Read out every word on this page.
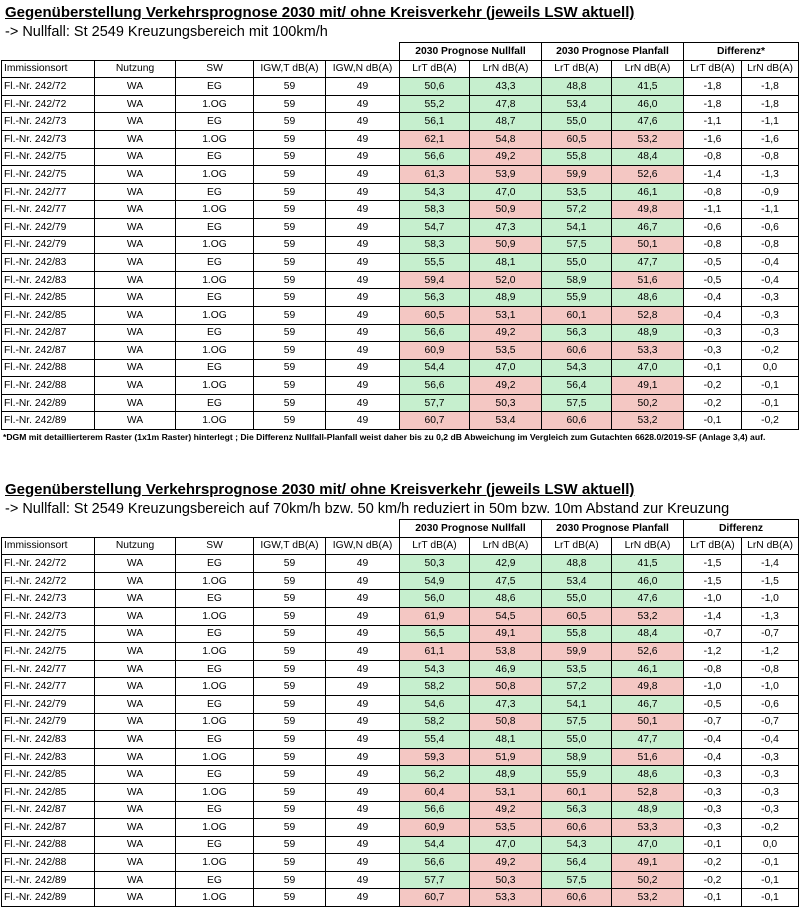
Gegenüberstellung Verkehrsprognose 2030 mit/ ohne Kreisverkehr (jeweils LSW aktuell)
-> Nullfall: St 2549 Kreuzungsbereich mit 100km/h
					2030 Prognose Nullfall		2030 Prognose Planfall		Differenz*	
Immissionsort	Nutzung	SW	IGW,T dB(A)	IGW,N dB(A)	LrT dB(A)	LrN dB(A)	LrT dB(A)	LrN dB(A)	LrT dB(A)	LrN dB(A)
Fl.-Nr. 242/72	WA	EG	59	49	50,6	43,3	48,8	41,5	-1,8	-1,8
Fl.-Nr. 242/72	WA	1.OG	59	49	55,2	47,8	53,4	46,0	-1,8	-1,8
Fl.-Nr. 242/73	WA	EG	59	49	56,1	48,7	55,0	47,6	-1,1	-1,1
Fl.-Nr. 242/73	WA	1.OG	59	49	62,1	54,8	60,5	53,2	-1,6	-1,6
Fl.-Nr. 242/75	WA	EG	59	49	56,6	49,2	55,8	48,4	-0,8	-0,8
Fl.-Nr. 242/75	WA	1.OG	59	49	61,3	53,9	59,9	52,6	-1,4	-1,3
Fl.-Nr. 242/77	WA	EG	59	49	54,3	47,0	53,5	46,1	-0,8	-0,9
Fl.-Nr. 242/77	WA	1.OG	59	49	58,3	50,9	57,2	49,8	-1,1	-1,1
Fl.-Nr. 242/79	WA	EG	59	49	54,7	47,3	54,1	46,7	-0,6	-0,6
Fl.-Nr. 242/79	WA	1.OG	59	49	58,3	50,9	57,5	50,1	-0,8	-0,8
Fl.-Nr. 242/83	WA	EG	59	49	55,5	48,1	55,0	47,7	-0,5	-0,4
Fl.-Nr. 242/83	WA	1.OG	59	49	59,4	52,0	58,9	51,6	-0,5	-0,4
Fl.-Nr. 242/85	WA	EG	59	49	56,3	48,9	55,9	48,6	-0,4	-0,3
Fl.-Nr. 242/85	WA	1.OG	59	49	60,5	53,1	60,1	52,8	-0,4	-0,3
Fl.-Nr. 242/87	WA	EG	59	49	56,6	49,2	56,3	48,9	-0,3	-0,3
Fl.-Nr. 242/87	WA	1.OG	59	49	60,9	53,5	60,6	53,3	-0,3	-0,2
Fl.-Nr. 242/88	WA	EG	59	49	54,4	47,0	54,3	47,0	-0,1	0,0
Fl.-Nr. 242/88	WA	1.OG	59	49	56,6	49,2	56,4	49,1	-0,2	-0,1
Fl.-Nr. 242/89	WA	EG	59	49	57,7	50,3	57,5	50,2	-0,2	-0,1
Fl.-Nr. 242/89	WA	1.OG	59	49	60,7	53,4	60,6	53,2	-0,1	-0,2
*DGM mit detaillierterem Raster (1x1m Raster) hinterlegt ; Die Differenz Nullfall-Planfall weist daher bis zu 0,2 dB Abweichung im Vergleich zum Gutachten 6628.0/2019-SF (Anlage 3,4) auf.
Gegenüberstellung Verkehrsprognose 2030 mit/ ohne Kreisverkehr (jeweils LSW aktuell)
-> Nullfall: St 2549 Kreuzungsbereich auf 70km/h bzw. 50 km/h reduziert in 50m bzw. 10m Abstand zur Kreuzung
					2030 Prognose Nullfall		2030 Prognose Planfall		Differenz	
Immissionsort	Nutzung	SW	IGW,T dB(A)	IGW,N dB(A)	LrT dB(A)	LrN dB(A)	LrT dB(A)	LrN dB(A)	LrT dB(A)	LrN dB(A)
Fl.-Nr. 242/72	WA	EG	59	49	50,3	42,9	48,8	41,5	-1,5	-1,4
Fl.-Nr. 242/72	WA	1.OG	59	49	54,9	47,5	53,4	46,0	-1,5	-1,5
Fl.-Nr. 242/73	WA	EG	59	49	56,0	48,6	55,0	47,6	-1,0	-1,0
Fl.-Nr. 242/73	WA	1.OG	59	49	61,9	54,5	60,5	53,2	-1,4	-1,3
Fl.-Nr. 242/75	WA	EG	59	49	56,5	49,1	55,8	48,4	-0,7	-0,7
Fl.-Nr. 242/75	WA	1.OG	59	49	61,1	53,8	59,9	52,6	-1,2	-1,2
Fl.-Nr. 242/77	WA	EG	59	49	54,3	46,9	53,5	46,1	-0,8	-0,8
Fl.-Nr. 242/77	WA	1.OG	59	49	58,2	50,8	57,2	49,8	-1,0	-1,0
Fl.-Nr. 242/79	WA	EG	59	49	54,6	47,3	54,1	46,7	-0,5	-0,6
Fl.-Nr. 242/79	WA	1.OG	59	49	58,2	50,8	57,5	50,1	-0,7	-0,7
Fl.-Nr. 242/83	WA	EG	59	49	55,4	48,1	55,0	47,7	-0,4	-0,4
Fl.-Nr. 242/83	WA	1.OG	59	49	59,3	51,9	58,9	51,6	-0,4	-0,3
Fl.-Nr. 242/85	WA	EG	59	49	56,2	48,9	55,9	48,6	-0,3	-0,3
Fl.-Nr. 242/85	WA	1.OG	59	49	60,4	53,1	60,1	52,8	-0,3	-0,3
Fl.-Nr. 242/87	WA	EG	59	49	56,6	49,2	56,3	48,9	-0,3	-0,3
Fl.-Nr. 242/87	WA	1.OG	59	49	60,9	53,5	60,6	53,3	-0,3	-0,2
Fl.-Nr. 242/88	WA	EG	59	49	54,4	47,0	54,3	47,0	-0,1	0,0
Fl.-Nr. 242/88	WA	1.OG	59	49	56,6	49,2	56,4	49,1	-0,2	-0,1
Fl.-Nr. 242/89	WA	EG	59	49	57,7	50,3	57,5	50,2	-0,2	-0,1
Fl.-Nr. 242/89	WA	1.OG	59	49	60,7	53,3	60,6	53,2	-0,1	-0,1
